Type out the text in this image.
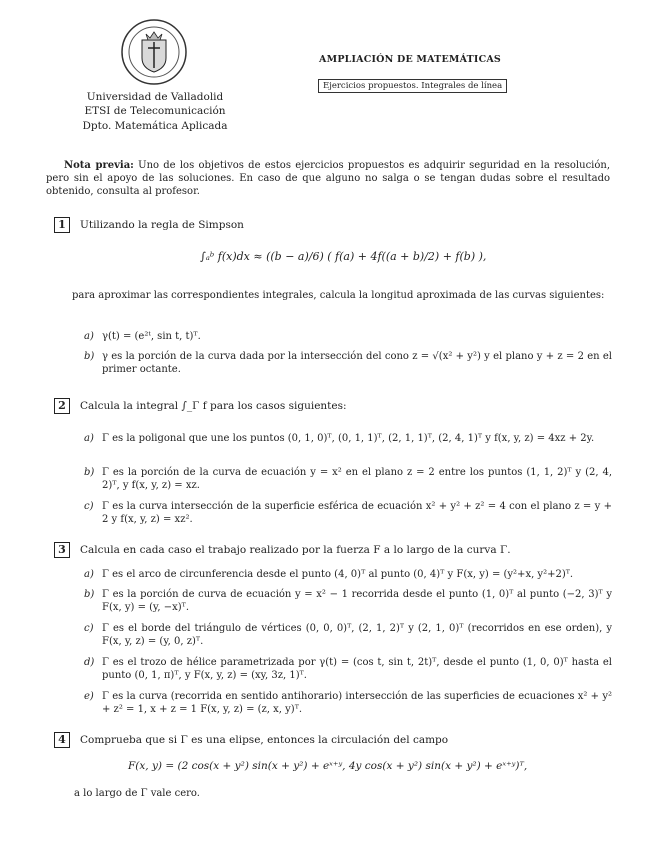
Universidad de Valladolid
ETSI de Telecomunicación
Dpto. Matemática Aplicada
AMPLIACIÓN DE MATEMÁTICAS
Ejercicios propuestos. Integrales de línea
Nota previa: Uno de los objetivos de estos ejercicios propuestos es adquirir seguridad en la resolución, pero sin el apoyo de las soluciones. En caso de que alguno no salga o se tengan dudas sobre el resultado obtenido, consulta al profesor.
1	Utilizando la regla de Simpson
∫ₐᵇ f(x)dx ≈ ((b − a)/6) ( f(a) + 4f((a + b)/2) + f(b) ),
para aproximar las correspondientes integrales, calcula la longitud aproximada de las curvas siguientes:
a) γ(t) = (e²ᵗ, sin t, t)ᵀ.
b) γ es la porción de la curva dada por la intersección del cono z = √(x² + y²) y el plano y + z = 2 en el primer octante.
2	Calcula la integral ∫_Γ f para los casos siguientes:
a) Γ es la poligonal que une los puntos (0, 1, 0)ᵀ, (0, 1, 1)ᵀ, (2, 1, 1)ᵀ, (2, 4, 1)ᵀ y f(x, y, z) = 4xz + 2y.
b) Γ es la porción de la curva de ecuación y = x² en el plano z = 2 entre los puntos (1, 1, 2)ᵀ y (2, 4, 2)ᵀ, y f(x, y, z) = xz.
c) Γ es la curva intersección de la superficie esférica de ecuación x² + y² + z² = 4 con el plano z = y + 2 y f(x, y, z) = xz².
3	Calcula en cada caso el trabajo realizado por la fuerza F a lo largo de la curva Γ.
a) Γ es el arco de circunferencia desde el punto (4, 0)ᵀ al punto (0, 4)ᵀ y F(x, y) = (y²+x, y²+2)ᵀ.
b) Γ es la porción de curva de ecuación y = x² − 1 recorrida desde el punto (1, 0)ᵀ al punto (−2, 3)ᵀ y F(x, y) = (y, −x)ᵀ.
c) Γ es el borde del triángulo de vértices (0, 0, 0)ᵀ, (2, 1, 2)ᵀ y (2, 1, 0)ᵀ (recorridos en ese orden), y F(x, y, z) = (y, 0, z)ᵀ.
d) Γ es el trozo de hélice parametrizada por γ(t) = (cos t, sin t, 2t)ᵀ, desde el punto (1, 0, 0)ᵀ hasta el punto (0, 1, π)ᵀ, y F(x, y, z) = (xy, 3z, 1)ᵀ.
e) Γ es la curva (recorrida en sentido antihorario) intersección de las superficies de ecuaciones x² + y² + z² = 1, x + z = 1 F(x, y, z) = (z, x, y)ᵀ.
4	Comprueba que si Γ es una elipse, entonces la circulación del campo
F(x, y) = (2 cos(x + y²) sin(x + y²) + eˣ⁺ʸ, 4y cos(x + y²) sin(x + y²) + eˣ⁺ʸ)ᵀ,
a lo largo de Γ vale cero.
